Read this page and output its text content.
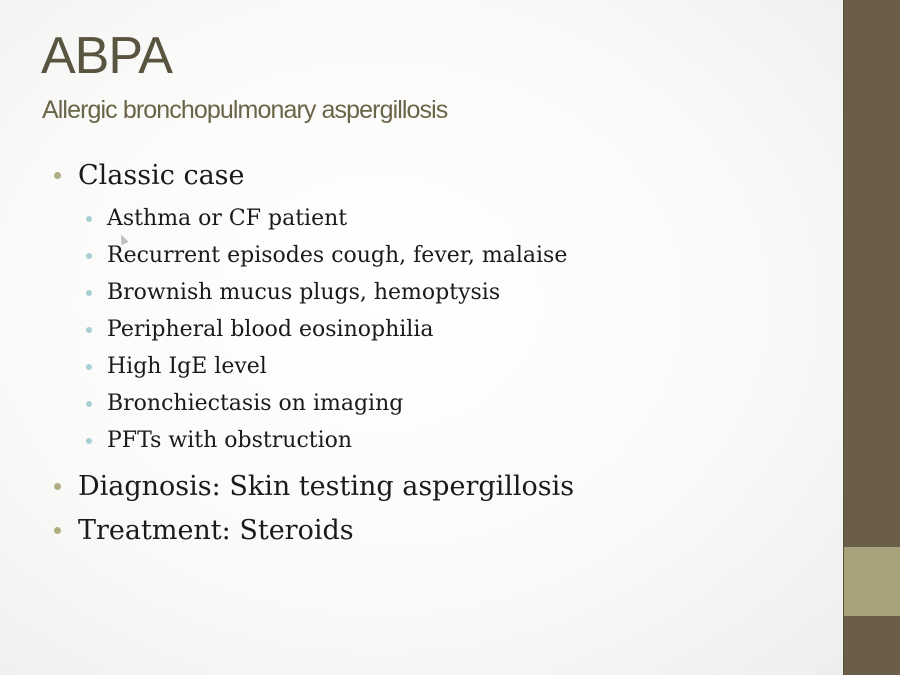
ABPA
Allergic bronchopulmonary aspergillosis
Classic case
Asthma or CF patient
Recurrent episodes cough, fever, malaise
Brownish mucus plugs, hemoptysis
Peripheral blood eosinophilia
High IgE level
Bronchiectasis on imaging
PFTs with obstruction
Diagnosis: Skin testing aspergillosis
Treatment: Steroids
